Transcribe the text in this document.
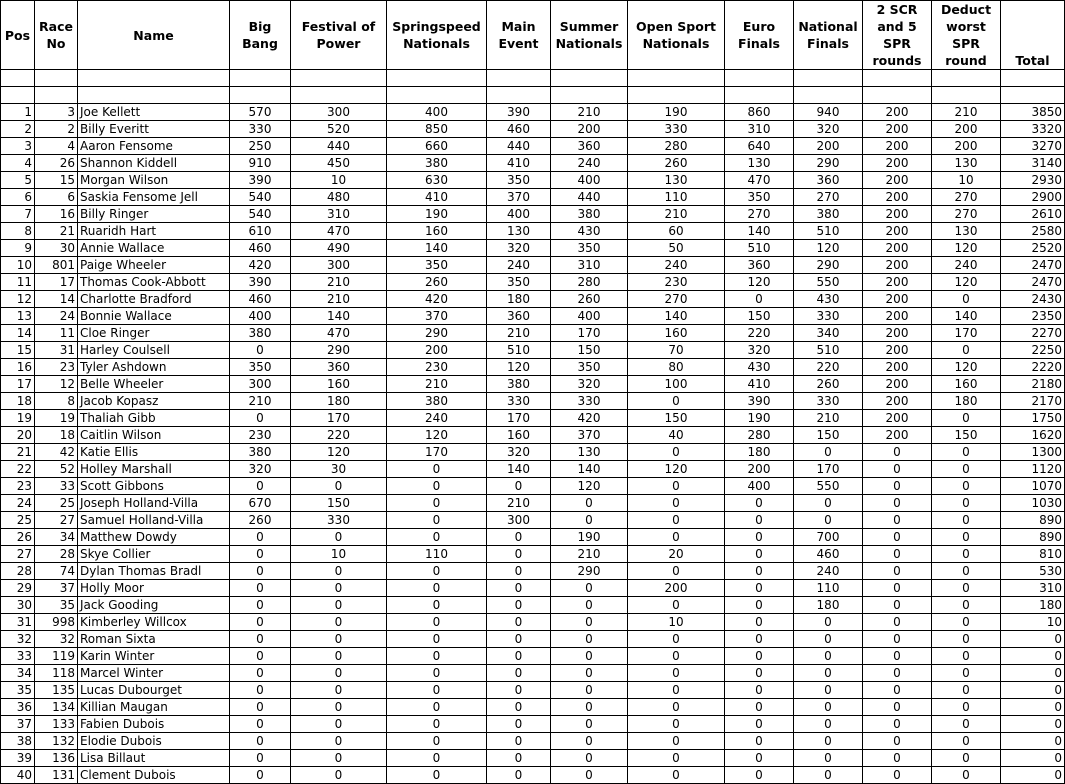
Pos	Race No	Name	Big Bang	Festival of Power	Springspeed Nationals	Main Event	Summer Nationals	Open Sport Nationals	Euro Finals	National Finals	2 SCR and 5 SPR rounds	Deduct worst SPR round	Total

1	3	Joe Kellett	570	300	400	390	210	190	860	940	200	210	3850
2	2	Billy Everitt	330	520	850	460	200	330	310	320	200	200	3320
3	4	Aaron Fensome	250	440	660	440	360	280	640	200	200	200	3270
4	26	Shannon Kiddell	910	450	380	410	240	260	130	290	200	130	3140
5	15	Morgan Wilson	390	10	630	350	400	130	470	360	200	10	2930
6	6	Saskia Fensome Jell	540	480	410	370	440	110	350	270	200	270	2900
7	16	Billy Ringer	540	310	190	400	380	210	270	380	200	270	2610
8	21	Ruaridh Hart	610	470	160	130	430	60	140	510	200	130	2580
9	30	Annie Wallace	460	490	140	320	350	50	510	120	200	120	2520
10	801	Paige Wheeler	420	300	350	240	310	240	360	290	200	240	2470
11	17	Thomas Cook-Abbott	390	210	260	350	280	230	120	550	200	120	2470
12	14	Charlotte Bradford	460	210	420	180	260	270	0	430	200	0	2430
13	24	Bonnie Wallace	400	140	370	360	400	140	150	330	200	140	2350
14	11	Cloe Ringer	380	470	290	210	170	160	220	340	200	170	2270
15	31	Harley Coulsell	0	290	200	510	150	70	320	510	200	0	2250
16	23	Tyler Ashdown	350	360	230	120	350	80	430	220	200	120	2220
17	12	Belle Wheeler	300	160	210	380	320	100	410	260	200	160	2180
18	8	Jacob Kopasz	210	180	380	330	330	0	390	330	200	180	2170
19	19	Thaliah Gibb	0	170	240	170	420	150	190	210	200	0	1750
20	18	Caitlin Wilson	230	220	120	160	370	40	280	150	200	150	1620
21	42	Katie Ellis	380	120	170	320	130	0	180	0	0	0	1300
22	52	Holley Marshall	320	30	0	140	140	120	200	170	0	0	1120
23	33	Scott Gibbons	0	0	0	0	120	0	400	550	0	0	1070
24	25	Joseph Holland-Villa	670	150	0	210	0	0	0	0	0	0	1030
25	27	Samuel Holland-Villa	260	330	0	300	0	0	0	0	0	0	890
26	34	Matthew Dowdy	0	0	0	0	190	0	0	700	0	0	890
27	28	Skye Collier	0	10	110	0	210	20	0	460	0	0	810
28	74	Dylan Thomas Bradl	0	0	0	0	290	0	0	240	0	0	530
29	37	Holly Moor	0	0	0	0	0	200	0	110	0	0	310
30	35	Jack Gooding	0	0	0	0	0	0	0	180	0	0	180
31	998	Kimberley Willcox	0	0	0	0	0	10	0	0	0	0	10
32	32	Roman Sixta	0	0	0	0	0	0	0	0	0	0	0
33	119	Karin Winter	0	0	0	0	0	0	0	0	0	0	0
34	118	Marcel Winter	0	0	0	0	0	0	0	0	0	0	0
35	135	Lucas Dubourget	0	0	0	0	0	0	0	0	0	0	0
36	134	Killian Maugan	0	0	0	0	0	0	0	0	0	0	0
37	133	Fabien Dubois	0	0	0	0	0	0	0	0	0	0	0
38	132	Elodie Dubois	0	0	0	0	0	0	0	0	0	0	0
39	136	Lisa Billaut	0	0	0	0	0	0	0	0	0	0	0
40	131	Clement Dubois	0	0	0	0	0	0	0	0	0	0	0
